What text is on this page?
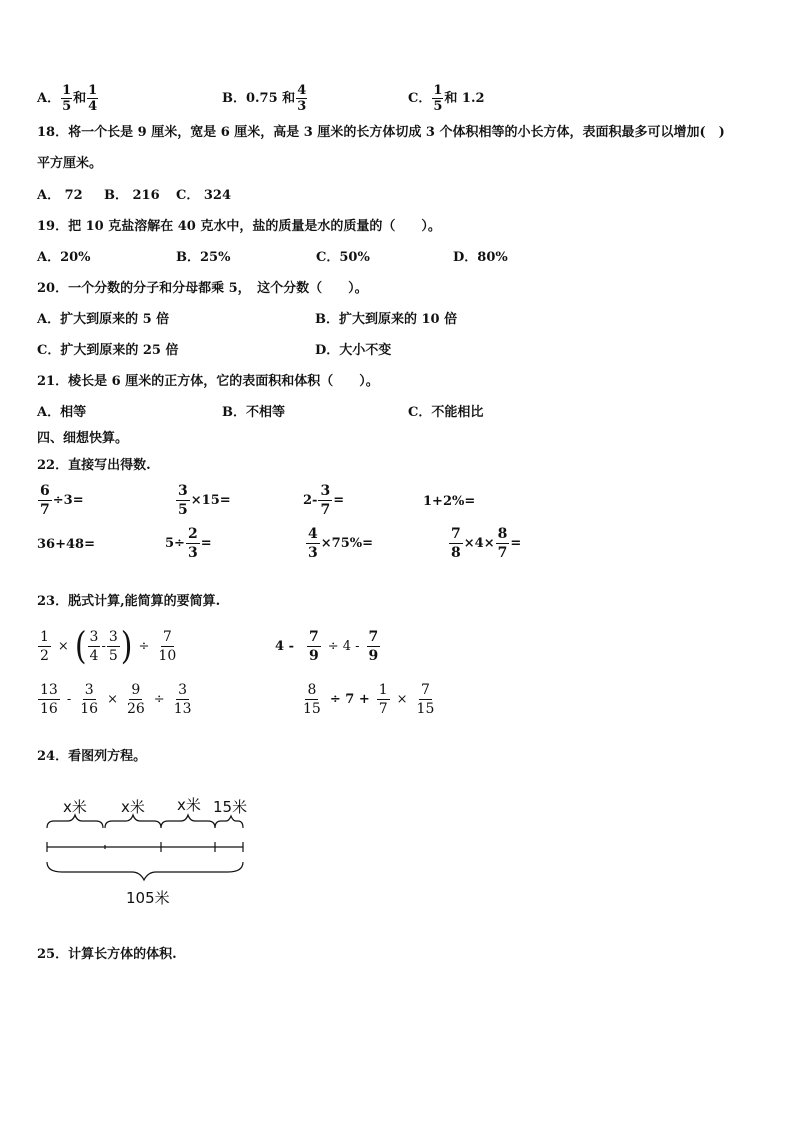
A． $\frac{1}{5}$ 和 $\frac{1}{4}$	B．0.75 和 $\frac{4}{3}$	C． $\frac{1}{5}$ 和 1.2
18．将一个长是 9 厘米，宽是 6 厘米，高是 3 厘米的长方体切成 3 个体积相等的小长方体，表面积最多可以增加(　)
平方厘米。
A． 72 B． 216 C． 324
19．把 10 克盐溶解在 40 克水中，盐的质量是水的质量的（　　）。
A．20%	B．25%	C．50%	D．80%
20．一个分数的分子和分母都乘 5，　这个分数（　　）。
A．扩大到原来的 5 倍	B．扩大到原来的 10 倍
C．扩大到原来的 25 倍	D．大小不变
21．棱长是 6 厘米的正方体，它的表面积和体积（　　）。
A．相等	B．不相等	C．不能相比
四、细想快算。
22．直接写出得数.
$\frac{6}{7} \div 3=$	$\frac{3}{5} \times 15=$	$2- \frac{3}{7}$ =	1+2%=
36+48=	$5\div \frac{2}{3}$ =	$\frac{4}{3} \times 75\%=$	$\frac{7}{8} \times 4\times \frac{8}{7}$ =
23．脱式计算,能简算的要简算.
$\frac{1}{2}$ × ( $\frac{3}{4} - \frac{3}{5}$ ) ÷ $\frac{7}{10}$	$4 - \frac{7}{9} \div 4 - \frac{7}{9}$
$\frac{13}{16} - \frac{3}{16} \times \frac{9}{26} \div \frac{3}{13}$	$\frac{8}{15} \div 7 + \frac{1}{7} \times \frac{7}{15}$
24．看图列方程。
x米 x米 x米 15米
105米
25．计算长方体的体积.
